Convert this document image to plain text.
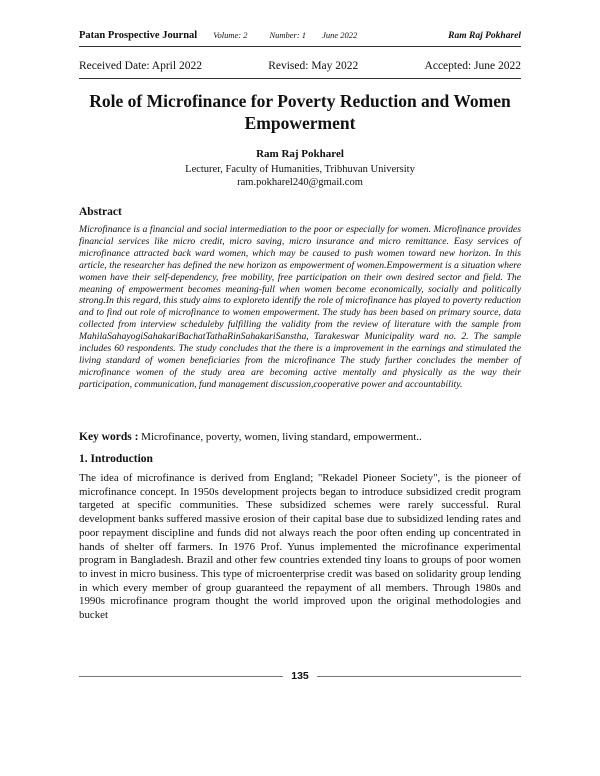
Patan Prospective Journal Volume: 2	Number: 1 June 2022	Ram Raj Pokharel
Received Date: April 2022	Revised: May 2022	Accepted: June 2022
Role of Microfinance for Poverty Reduction and Women Empowerment
Ram Raj Pokharel
Lecturer, Faculty of Humanities, Tribhuvan University
ram.pokharel240@gmail.com
Abstract

Microfinance is a financial and social intermediation to the poor or especially for women. Microfinance provides financial services like micro credit, micro saving, micro insurance and micro remittance. Easy services of microfinance attracted back ward women, which may be caused to push women toward new horizon. In this article, the researcher has defined the new horizon as empowerment of women.Empowerment is a situation where women have their self-dependency, free mobility, free participation on their own desired sector and field. The meaning of empowerment becomes meaning-full when women become economically, socially and politically strong.In this regard, this study aims to exploreto identify the role of microfinance has played to poverty reduction and to find out role of microfinance to women empowerment. The study has been based on primary source, data collected from interview scheduleby fulfilling the validity from the review of literature with the sample from MahilaSahayogiSahakariBachatTathaRinSahakariSanstha, Tarakeswar Municipality ward no. 2. The sample includes 60 respondents. The study concludes that the there is a improvement in the earnings and stimulated the living standard of women beneficiaries from the microfinance The study further concludes the member of microfinance women of the study area are becoming active mentally and physically as the way their participation, communication, fund management discussion,cooperative power and accountability.

Key words : Microfinance, poverty, women, living standard, empowerment..

1. Introduction

The idea of microfinance is derived from England; "Rekadel Pioneer Society", is the pioneer of microfinance concept. In 1950s development projects began to introduce subsidized credit program targeted at specific communities. These subsidized schemes were rarely successful. Rural development banks suffered massive erosion of their capital base due to subsidized lending rates and poor repayment discipline and funds did not always reach the poor often ending up concentrated in hands of shelter off farmers. In 1976 Prof. Yunus implemented the microfinance experimental program in Bangladesh. Brazil and other few countries extended tiny loans to groups of poor women to invest in micro business. This type of microenterprise credit was based on solidarity group lending in which every member of group guaranteed the repayment of all members. Through 1980s and 1990s microfinance program thought the world improved upon the original methodologies and bucket

135
